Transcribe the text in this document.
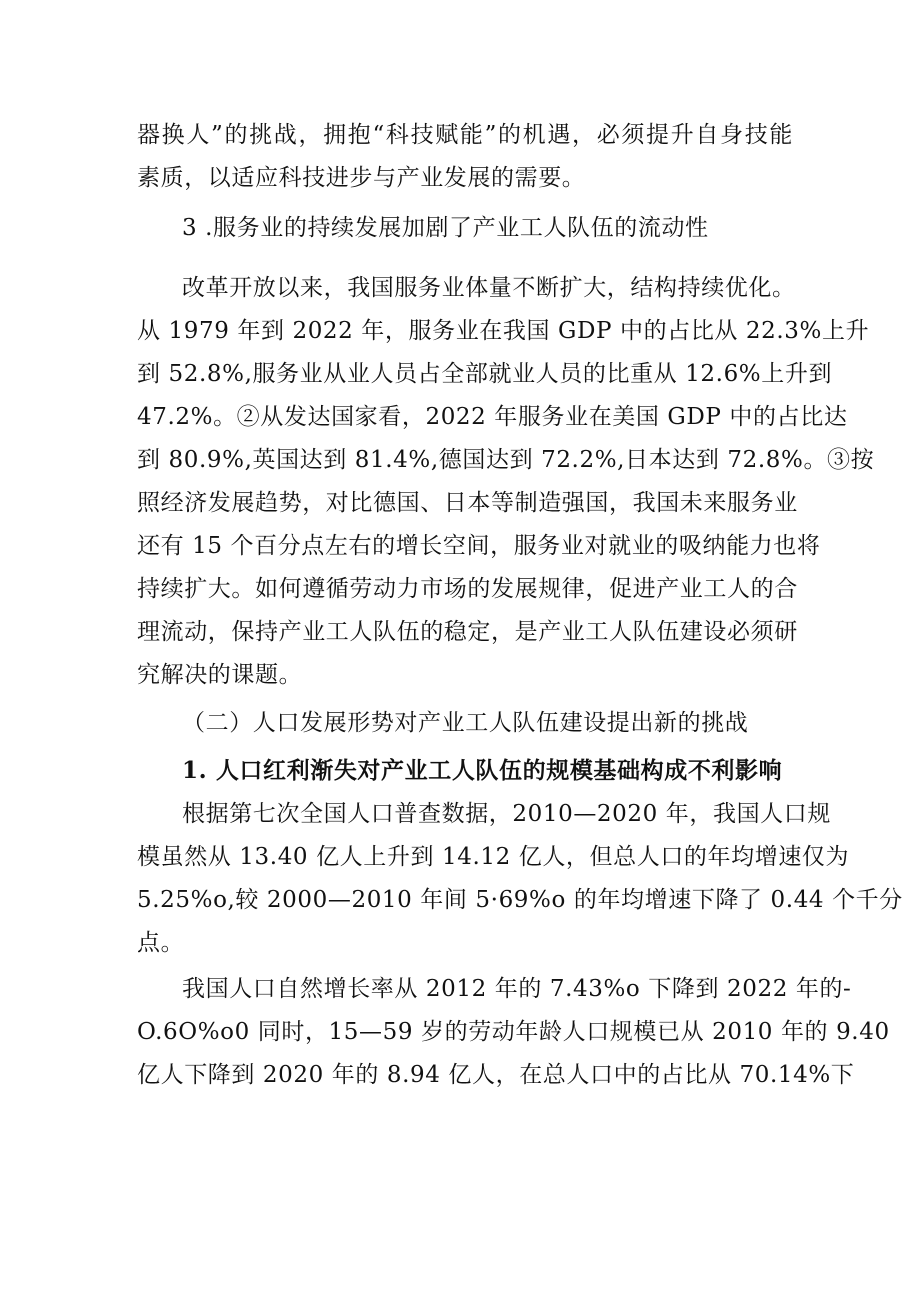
器换人”的挑战，拥抱“科技赋能”的机遇，必须提升自身技能
素质，以适应科技进步与产业发展的需要。
3 .服务业的持续发展加剧了产业工人队伍的流动性
改革开放以来，我国服务业体量不断扩大，结构持续优化。
从 1979 年到 2022 年，服务业在我国 GDP 中的占比从 22.3%上升
到 52.8%,服务业从业人员占全部就业人员的比重从 12.6%上升到
47.2%。②从发达国家看，2022 年服务业在美国 GDP 中的占比达
到 80.9%,英国达到 81.4%,德国达到 72.2%,日本达到 72.8%。③按
照经济发展趋势，对比德国、日本等制造强国，我国未来服务业
还有 15 个百分点左右的增长空间，服务业对就业的吸纳能力也将
持续扩大。如何遵循劳动力市场的发展规律，促进产业工人的合
理流动，保持产业工人队伍的稳定，是产业工人队伍建设必须研
究解决的课题。
（二）人口发展形势对产业工人队伍建设提出新的挑战
1. 人口红利渐失对产业工人队伍的规模基础构成不利影响
根据第七次全国人口普查数据，2010—2020 年，我国人口规
模虽然从 13.40 亿人上升到 14.12 亿人，但总人口的年均增速仅为
5.25%o,较 2000—2010 年间 5·69%o 的年均增速下降了 0.44 个千分
点。
我国人口自然增长率从 2012 年的 7.43%o 下降到 2022 年的-
O.6O%o0 同时，15—59 岁的劳动年龄人口规模已从 2010 年的 9.40
亿人下降到 2020 年的 8.94 亿人，在总人口中的占比从 70.14%下
